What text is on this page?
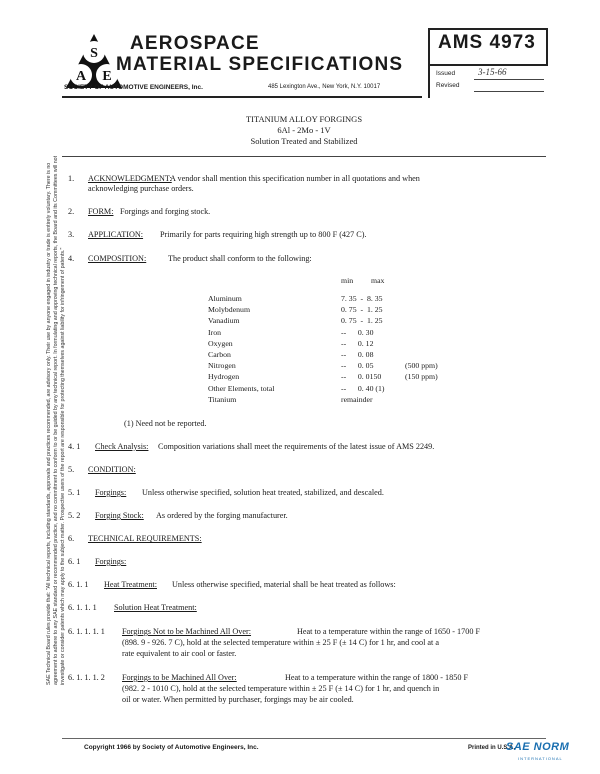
S
A E
AEROSPACE
MATERIAL SPECIFICATIONS
SOCIETY OF AUTOMOTIVE ENGINEERS, Inc.	485 Lexington Ave., New York, N.Y. 10017
AMS 4973
Issued	3-15-66
Revised
SAE Technical Board rules provide that: "All technical reports, including standards, approvals and practices recommended, are advisory only. Their use by anyone engaged in industry or trade is entirely voluntary. There is no agreement to adhere to any SAE standard or recommended practice, and no commitment to conform to or be guided by any technical report. In formulating and approving technical reports, the Board and its Committees will not investigate or consider patents which may apply to the subject matter. Prospective users of the report are responsible for protecting themselves against liability for infringement of patents."
TITANIUM ALLOY FORGINGS
6Al - 2Mo - 1V
Solution Treated and Stabilized
1. ACKNOWLEDGMENT:
A vendor shall mention this specification number in all quotations and when
acknowledging purchase orders.
2. FORM: Forgings and forging stock.
3. APPLICATION: Primarily for parts requiring high strength up to 800 F (427 C).
4. COMPOSITION:	The product shall conform to the following:
min max
Aluminum	7. 35  -  8. 35
Molybdenum	0. 75  -  1. 25
Vanadium	0. 75  -  1. 25
Iron	--      0. 30
Oxygen	--      0. 12
Carbon	--      0. 08
Nitrogen	--      0. 05	(500 ppm)
Hydrogen	--      0. 0150	(150 ppm)
Other Elements, total	--      0. 40 (1)
Titanium	remainder
(1) Need not be reported.
4. 1 Check Analysis: Composition variations shall meet the requirements of the latest issue of AMS 2249.
5. CONDITION:
5. 1 Forgings: Unless otherwise specified, solution heat treated, stabilized, and descaled.
5. 2 Forging Stock: As ordered by the forging manufacturer.
6. TECHNICAL REQUIREMENTS:
6. 1 Forgings:
6. 1. 1 Heat Treatment: Unless otherwise specified, material shall be heat treated as follows:
6. 1. 1. 1 Solution Heat Treatment:
6. 1. 1. 1. 1 Forgings Not to be Machined All Over:	Heat to a temperature within the range of 1650 - 1700 F
(898. 9 - 926. 7 C), hold at the selected temperature within ± 25 F (± 14 C) for 1 hr, and cool at a
rate equivalent to air cool or faster.
6. 1. 1. 1. 2 Forgings to be Machined All Over:	Heat to a temperature within the range of 1800 - 1850 F
(982. 2 - 1010 C), hold at the selected temperature within ± 25 F (± 14 C) for 1 hr, and quench in
oil or water. When permitted by purchaser, forgings may be air cooled.
Copyright 1966 by Society of Automotive Engineers, Inc.	Printed in U.S.A.
SAE NORM
INTERNATIONAL
